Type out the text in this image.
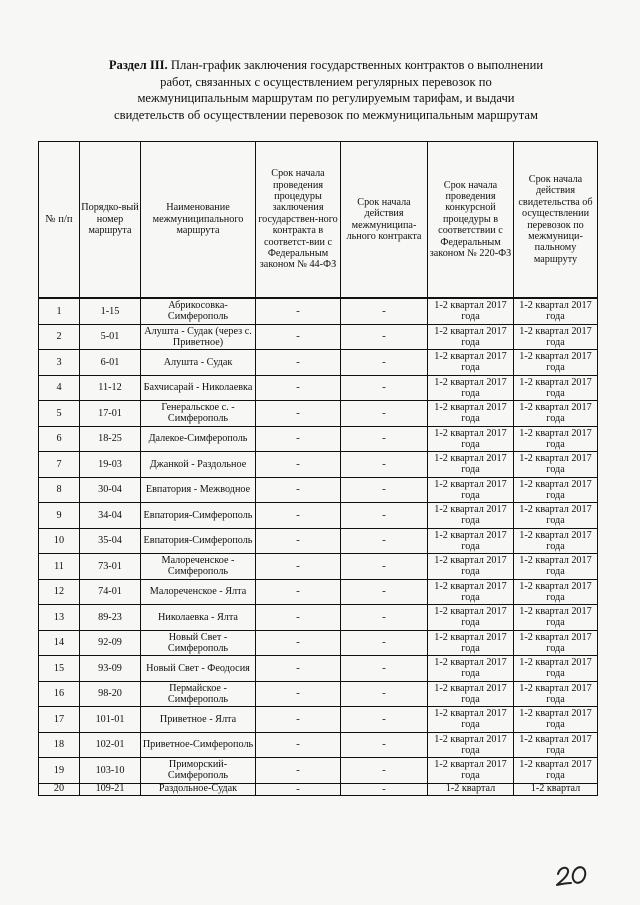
Раздел III. План-график заключения государственных контрактов о выполнении
работ, связанных с осуществлением регулярных перевозок по
межмуниципальным маршрутам по регулируемым тарифам, и выдачи
свидетельств об осуществлении перевозок по межмуниципальным маршрутам
№ п/п	Порядко-вый номер маршрута	Наименование межмуниципального маршрута	Срок начала проведения процедуры заключения государствен-ного контракта в соответст-вии с Федеральным законом № 44-ФЗ	Срок начала действия межмуниципа-льного контракта	Срок начала проведения конкурсной процедуры в соответствии с Федеральным законом № 220-ФЗ	Срок начала действия свидетельства об осуществлении перевозок по межмуници-пальному маршруту
1	1-15	Абрикосовка-Симферополь	-	-	1-2 квартал 2017 года	1-2 квартал 2017 года
2	5-01	Алушта - Судак (через с. Приветное)	-	-	1-2 квартал 2017 года	1-2 квартал 2017 года
3	6-01	Алушта - Судак	-	-	1-2 квартал 2017 года	1-2 квартал 2017 года
4	11-12	Бахчисарай - Николаевка	-	-	1-2 квартал 2017 года	1-2 квартал 2017 года
5	17-01	Генеральское с. - Симферополь	-	-	1-2 квартал 2017 года	1-2 квартал 2017 года
6	18-25	Далекое-Симферополь	-	-	1-2 квартал 2017 года	1-2 квартал 2017 года
7	19-03	Джанкой - Раздольное	-	-	1-2 квартал 2017 года	1-2 квартал 2017 года
8	30-04	Евпатория - Межводное	-	-	1-2 квартал 2017 года	1-2 квартал 2017 года
9	34-04	Евпатория-Симферополь	-	-	1-2 квартал 2017 года	1-2 квартал 2017 года
10	35-04	Евпатория-Симферополь	-	-	1-2 квартал 2017 года	1-2 квартал 2017 года
11	73-01	Малореченское - Симферополь	-	-	1-2 квартал 2017 года	1-2 квартал 2017 года
12	74-01	Малореченское - Ялта	-	-	1-2 квартал 2017 года	1-2 квартал 2017 года
13	89-23	Николаевка - Ялта	-	-	1-2 квартал 2017 года	1-2 квартал 2017 года
14	92-09	Новый Свет - Симферополь	-	-	1-2 квартал 2017 года	1-2 квартал 2017 года
15	93-09	Новый Свет - Феодосия	-	-	1-2 квартал 2017 года	1-2 квартал 2017 года
16	98-20	Пермайское - Симферополь	-	-	1-2 квартал 2017 года	1-2 квартал 2017 года
17	101-01	Приветное - Ялта	-	-	1-2 квартал 2017 года	1-2 квартал 2017 года
18	102-01	Приветное-Симферополь	-	-	1-2 квартал 2017 года	1-2 квартал 2017 года
19	103-10	Приморский-Симферополь	-	-	1-2 квартал 2017 года	1-2 квартал 2017 года
20	109-21	Раздольное-Судак	-	-	1-2 квартал	1-2 квартал
